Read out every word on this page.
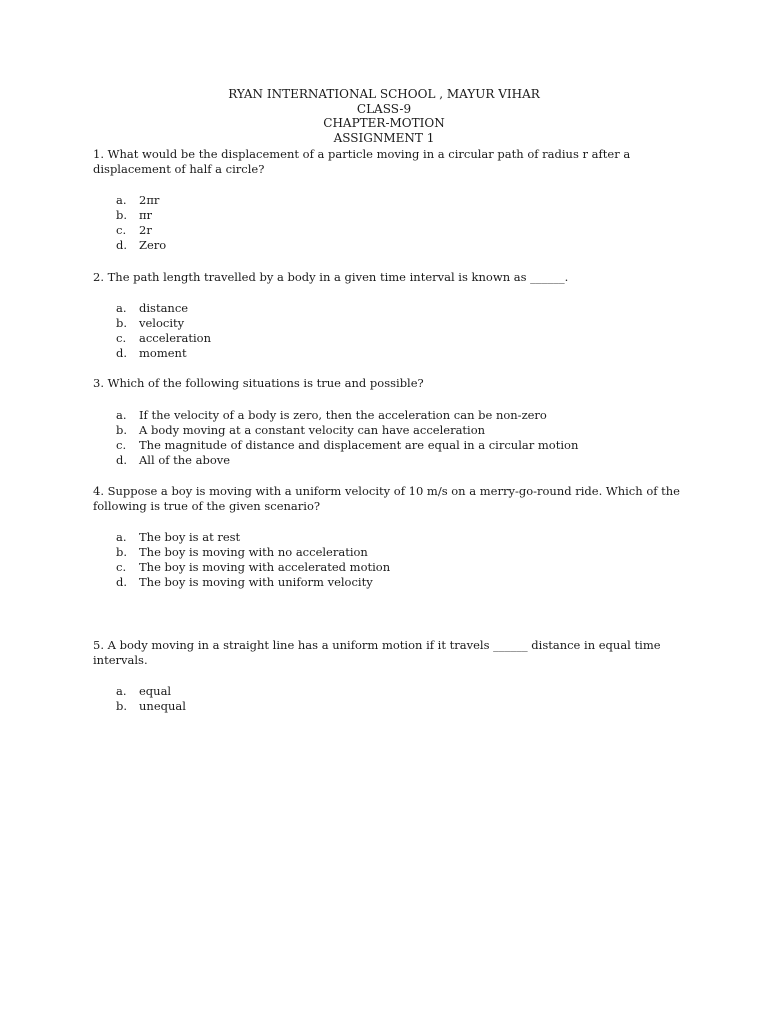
RYAN INTERNATIONAL SCHOOL , MAYUR VIHAR
CLASS-9
CHAPTER-MOTION
ASSIGNMENT 1
1. What would be the displacement of a particle moving in a circular path of radius r after a displacement of half a circle?
a.	2πr
b.	πr
c.	2r
d.	Zero
2. The path length travelled by a body in a given time interval is known as ______.
a.	distance
b.	velocity
c.	acceleration
d.	moment
3. Which of the following situations is true and possible?
a.	If the velocity of a body is zero, then the acceleration can be non-zero
b.	A body moving at a constant velocity can have acceleration
c.	The magnitude of distance and displacement are equal in a circular motion
d.	All of the above
4. Suppose a boy is moving with a uniform velocity of 10 m/s on a merry-go-round ride. Which of the following is true of the given scenario?
a.	The boy is at rest
b.	The boy is moving with no acceleration
c.	The boy is moving with accelerated motion
d.	The boy is moving with uniform velocity
5. A body moving in a straight line has a uniform motion if it travels ______ distance in equal time intervals.
a.	equal
b.	unequal
